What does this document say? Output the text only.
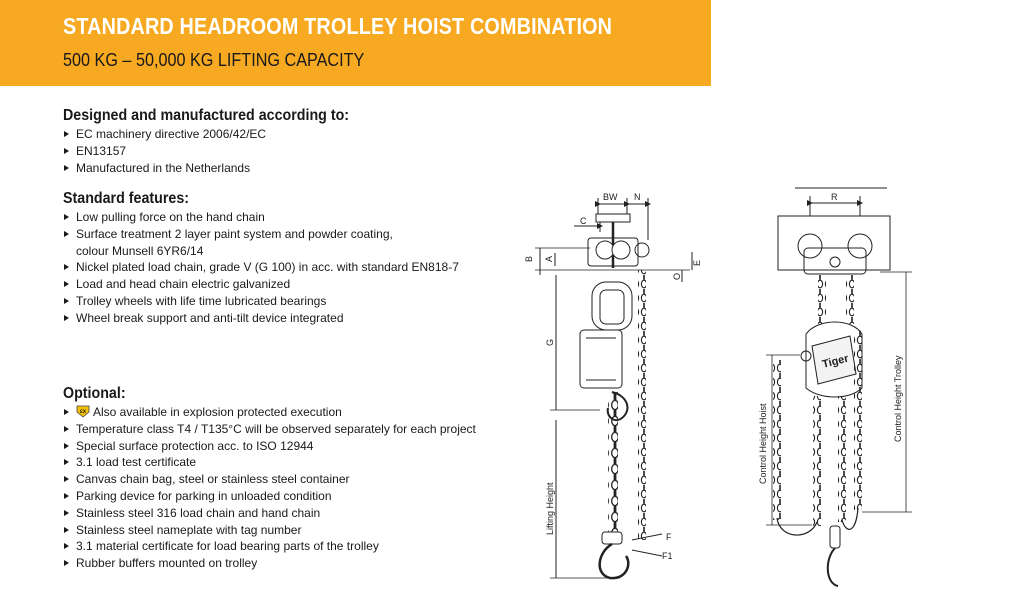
STANDARD HEADROOM TROLLEY HOIST COMBINATION
500 KG – 50,000 KG LIFTING CAPACITY
Designed and manufactured according to:
EC machinery directive 2006/42/EC
EN13157
Manufactured in the Netherlands
Standard features:
Low pulling force on the hand chain
Surface treatment 2 layer paint system and powder coating,
colour Munsell 6YR6/14
Nickel plated load chain, grade V (G 100) in acc. with standard EN818-7
Load and head chain electric galvanized
Trolley wheels with life time lubricated bearings
Wheel break support and anti-tilt device integrated
Optional:
εx Also available in explosion protected execution
Temperature class T4 / T135°C will be observed separately for each project
Special surface protection acc. to ISO 12944
3.1 load test certificate
Canvas chain bag, steel or stainless steel container
Parking device for parking in unloaded condition
Stainless steel 316 load chain and hand chain
Stainless steel nameplate with tag number
3.1 material certificate for load bearing parts of the trolley
Rubber buffers mounted on trolley
BW N
C
B A
E
O
G
Lifting Height
F
F1
Tiger
R
Control Height Hoist
Control Height Trolley
